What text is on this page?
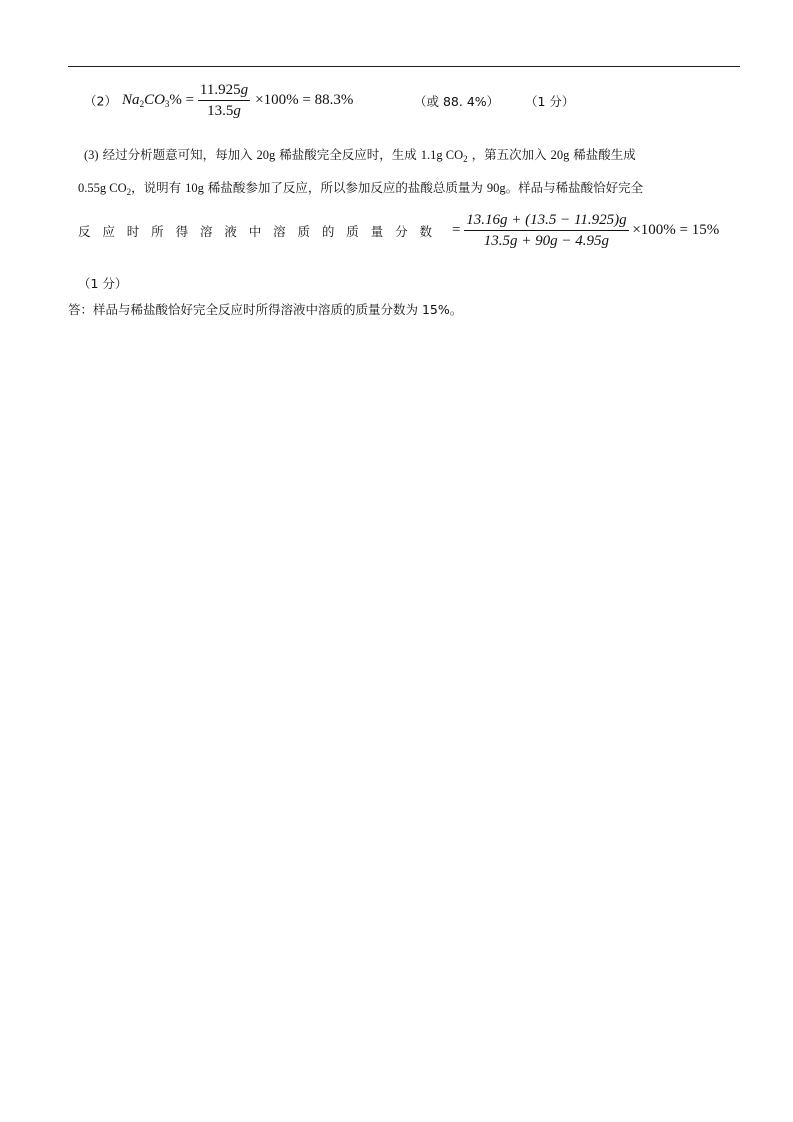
（2） $Na_2CO_3\% = \frac{11.925g}{13.5g} \times 100\% = 88.3\%$	（或 88. 4%） （1 分）
(3) 经过分析题意可知，每加入 20g 稀盐酸完全反应时，生成 1.1g $CO_2$ ，第五次加入 20g 稀盐酸生成
0.55g $CO_2$，说明有 10g 稀盐酸参加了反应，所以参加反应的盐酸总质量为 90g。样品与稀盐酸恰好完全
反 应 时 所 得 溶 液 中 溶 质 的 质 量 分 数	= $\frac{13.16g + (13.5 - 11.925)g}{13.5g + 90g - 4.95g} \times 100\% = 15\%$
（1 分）
答：样品与稀盐酸恰好完全反应时所得溶液中溶质的质量分数为 15%。
